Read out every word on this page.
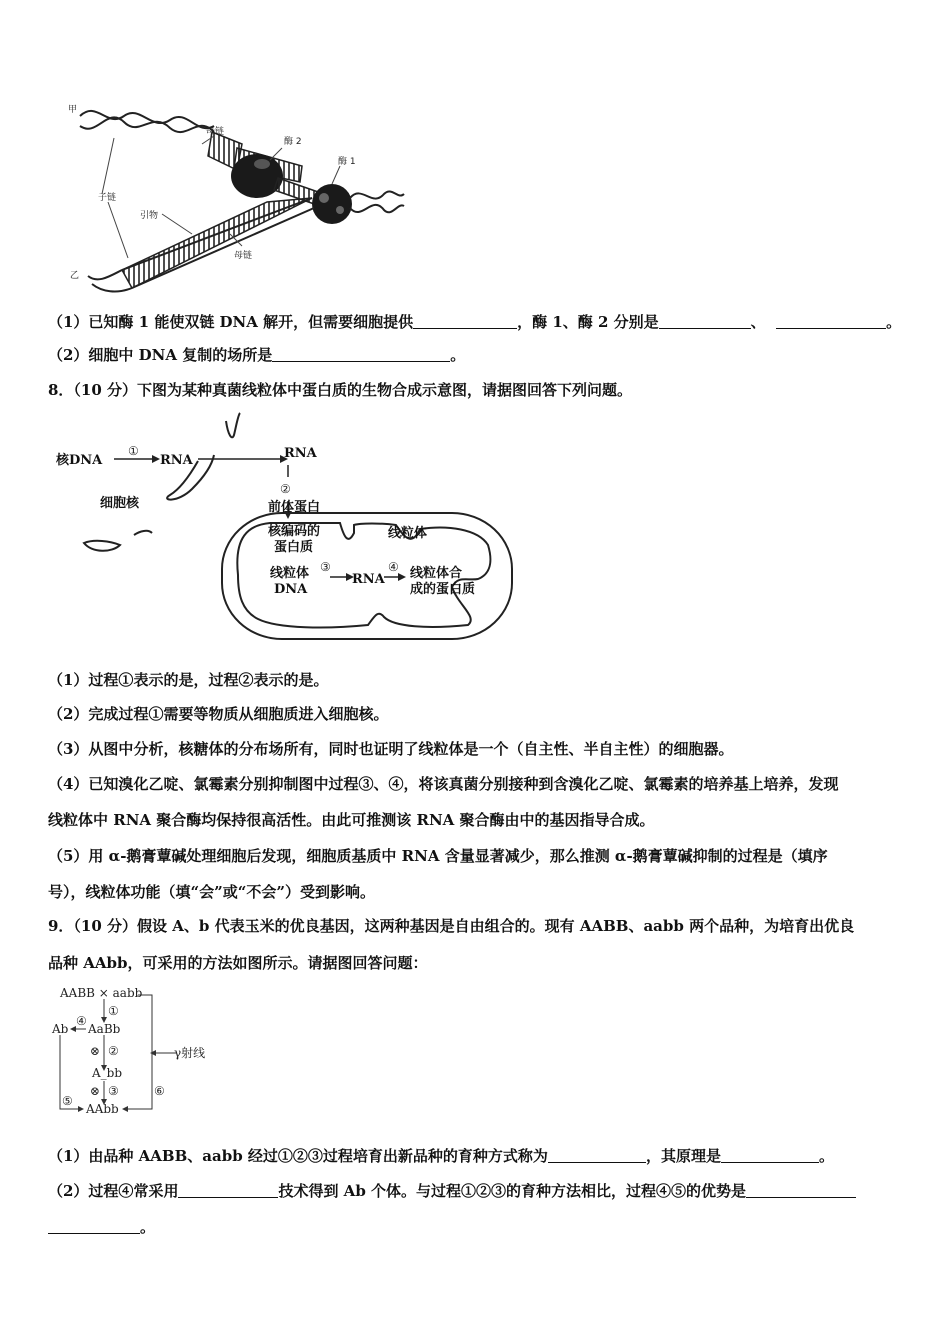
甲
母链
酶 2
酶 1
子链
引物
母链
乙
（1）已知酶 1 能使双链 DNA 解开，但需要细胞提供	，酶 1、酶 2 分别是	、	。
（2）细胞中 DNA 复制的场所是	。
8．（10 分）下图为某种真菌线粒体中蛋白质的生物合成示意图，请据图回答下列问题。
核DNA
①
RNA	RNA
②
前体蛋白
细胞核
核编码的
蛋白质
线粒体
线粒体
DNA
③
RNA
④ 线粒体合
成的蛋白质
（1）过程①表示的是，过程②表示的是。
（2）完成过程①需要等物质从细胞质进入细胞核。
（3）从图中分析，核糖体的分布场所有，同时也证明了线粒体是一个（自主性、半自主性）的细胞器。
（4）已知溴化乙啶、氯霉素分别抑制图中过程③、④，将该真菌分别接种到含溴化乙啶、氯霉素的培养基上培养，发现
线粒体中 RNA 聚合酶均保持很高活性。由此可推测该 RNA 聚合酶由中的基因指导合成。
（5）用 α-鹅膏蕈碱处理细胞后发现，细胞质基质中 RNA 含量显著减少，那么推测 α-鹅膏蕈碱抑制的过程是（填序
号），线粒体功能（填“会”或“不会”）受到影响。
9．（10 分）假设 A、b 代表玉米的优良基因，这两种基因是自由组合的。现有 AABB、aabb 两个品种，为培育出优良
品种 AAbb，可采用的方法如图所示。请据图回答问题：
AABB × aabb
①
Ab
④
AaBb
⊗ ②	γ射线
A_bb
⊗ ③
⑤
⑥
AAbb
（1）由品种 AABB、aabb 经过①②③过程培育出新品种的育种方式称为	，其原理是	。
（2）过程④常采用	技术得到 Ab 个体。与过程①②③的育种方法相比，过程④⑤的优势是
。
